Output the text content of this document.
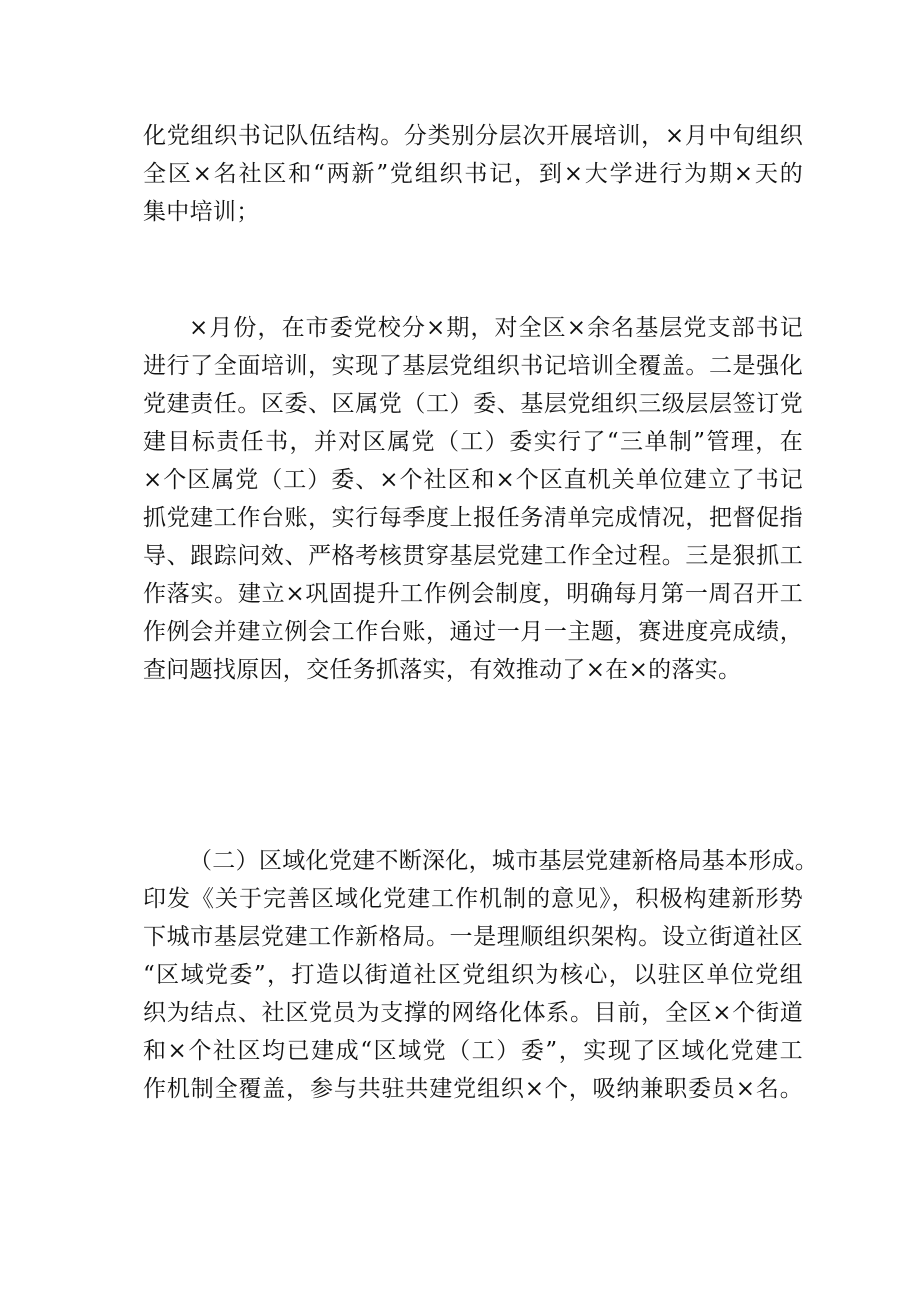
化党组织书记队伍结构。分类别分层次开展培训，×月中旬组织
全区×名社区和“两新”党组织书记，到×大学进行为期×天的
集中培训；
×月份，在市委党校分×期，对全区×余名基层党支部书记
进行了全面培训，实现了基层党组织书记培训全覆盖。二是强化
党建责任。区委、区属党（工）委、基层党组织三级层层签订党
建目标责任书，并对区属党（工）委实行了“三单制”管理，在
×个区属党（工）委、×个社区和×个区直机关单位建立了书记
抓党建工作台账，实行每季度上报任务清单完成情况，把督促指
导、跟踪问效、严格考核贯穿基层党建工作全过程。三是狠抓工
作落实。建立×巩固提升工作例会制度，明确每月第一周召开工
作例会并建立例会工作台账，通过一月一主题，赛进度亮成绩，
查问题找原因，交任务抓落实，有效推动了×在×的落实。
（二）区域化党建不断深化，城市基层党建新格局基本形成。
印发《关于完善区域化党建工作机制的意见》，积极构建新形势
下城市基层党建工作新格局。一是理顺组织架构。设立街道社区
“区域党委”，打造以街道社区党组织为核心，以驻区单位党组
织为结点、社区党员为支撑的网络化体系。目前，全区×个街道
和×个社区均已建成“区域党（工）委”，实现了区域化党建工
作机制全覆盖，参与共驻共建党组织×个，吸纳兼职委员×名。
